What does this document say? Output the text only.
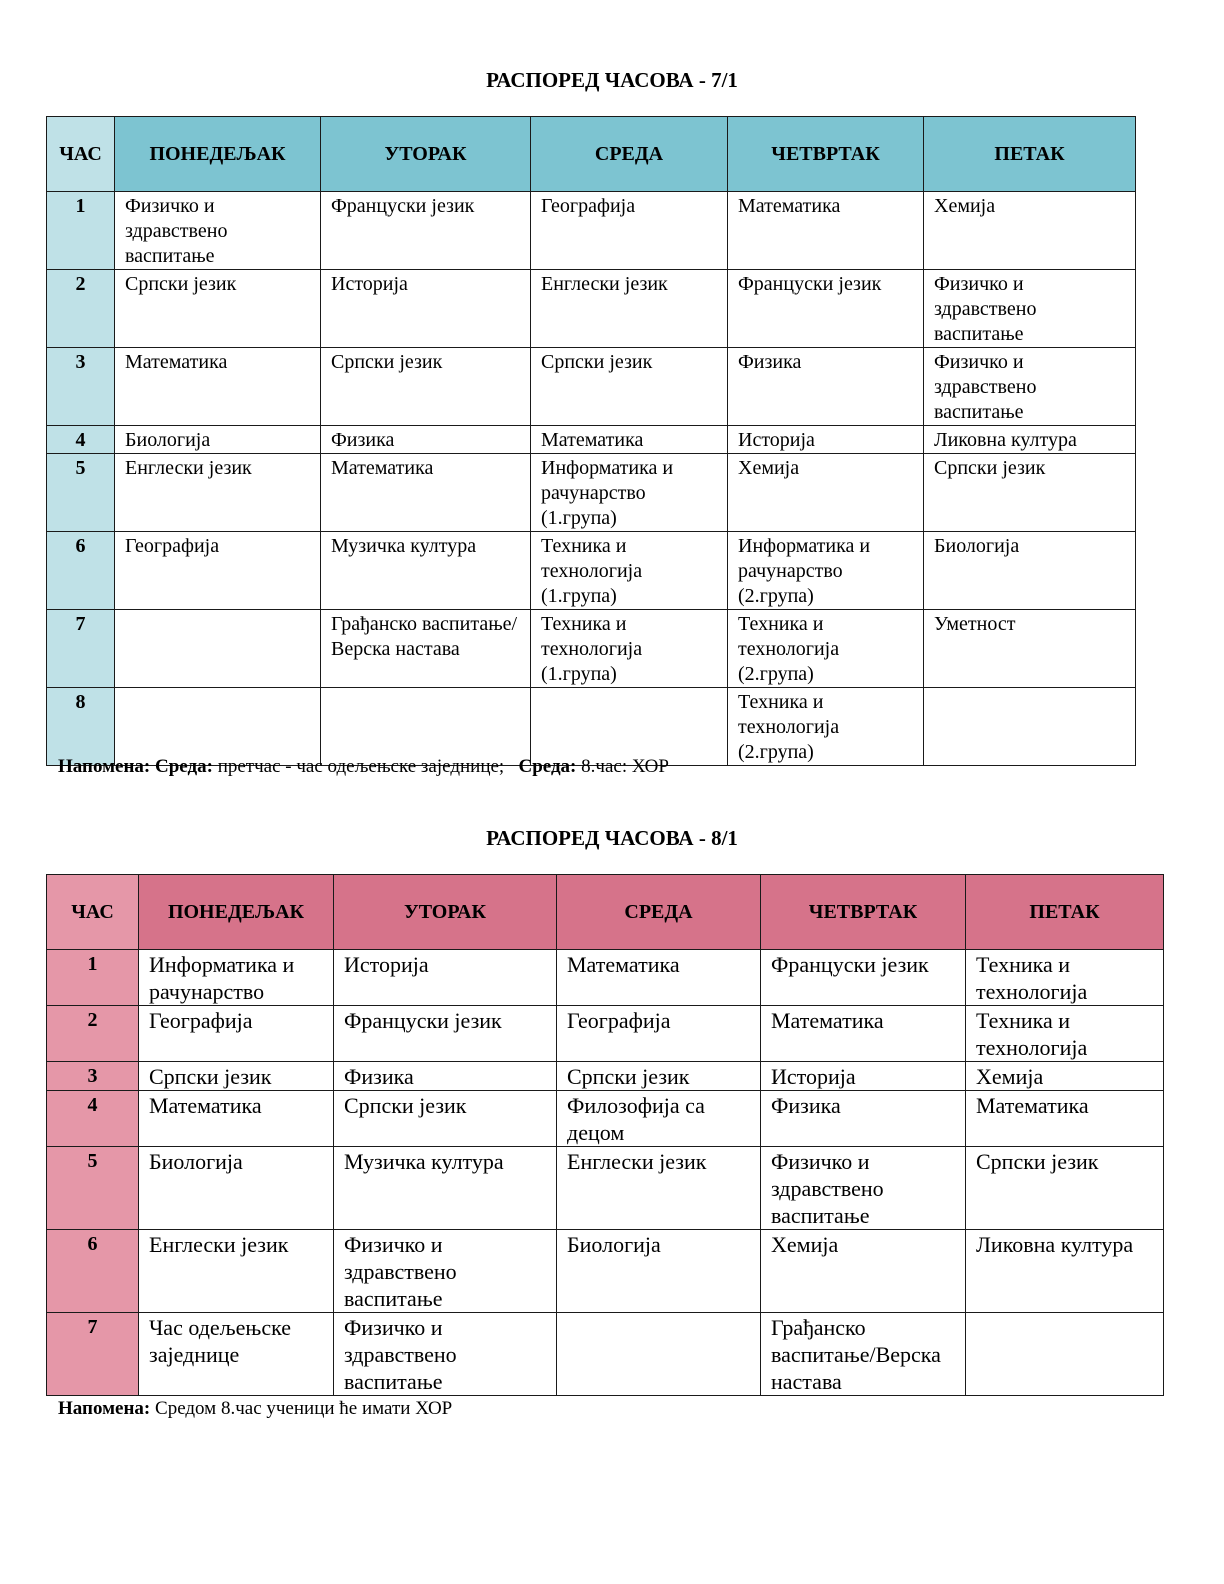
РАСПОРЕД ЧАСОВА - 7/1
ЧАС	ПОНЕДЕЉАК	УТОРАК	СРЕДА	ЧЕТВРТАК	ПЕТАК
1	Физичко и здравствено васпитање	Француски језик	Географија	Математика	Хемија
2	Српски језик	Историја	Енглески језик	Француски језик	Физичко и здравствено васпитање
3	Математика	Српски језик	Српски језик	Физика	Физичко и здравствено васпитање
4	Биологија	Физика	Математика	Историја	Ликовна култура
5	Енглески језик	Математика	Информатика и рачунарство (1.група)	Хемија	Српски језик
6	Географија	Музичка култура	Техника и технологија (1.група)	Информатика и рачунарство (2.група)	Биологија
7		Грађанско васпитање/Верска настава	Техника и технологија (1.група)	Техника и технологија (2.група)	Уметност
8				Техника и технологија (2.група)	
Напомена: Среда: претчас - час одељењске заједнице; Среда: 8.час: ХОР
РАСПОРЕД ЧАСОВА - 8/1
ЧАС	ПОНЕДЕЉАК	УТОРАК	СРЕДА	ЧЕТВРТАК	ПЕТАК
1	Информатика и рачунарство	Историја	Математика	Француски језик	Техника и технологија
2	Географија	Француски језик	Географија	Математика	Техника и технологија
3	Српски језик	Физика	Српски језик	Историја	Хемија
4	Математика	Српски језик	Филозофија са децом	Физика	Математика
5	Биологија	Музичка култура	Енглески језик	Физичко и здравствено васпитање	Српски језик
6	Енглески језик	Физичко и здравствено васпитање	Биологија	Хемија	Ликовна култура
7	Час одељењске заједнице	Физичко и здравствено васпитање		Грађанско васпитање/Верска настава	
Напомена: Средом 8.час ученици ће имати ХОР
